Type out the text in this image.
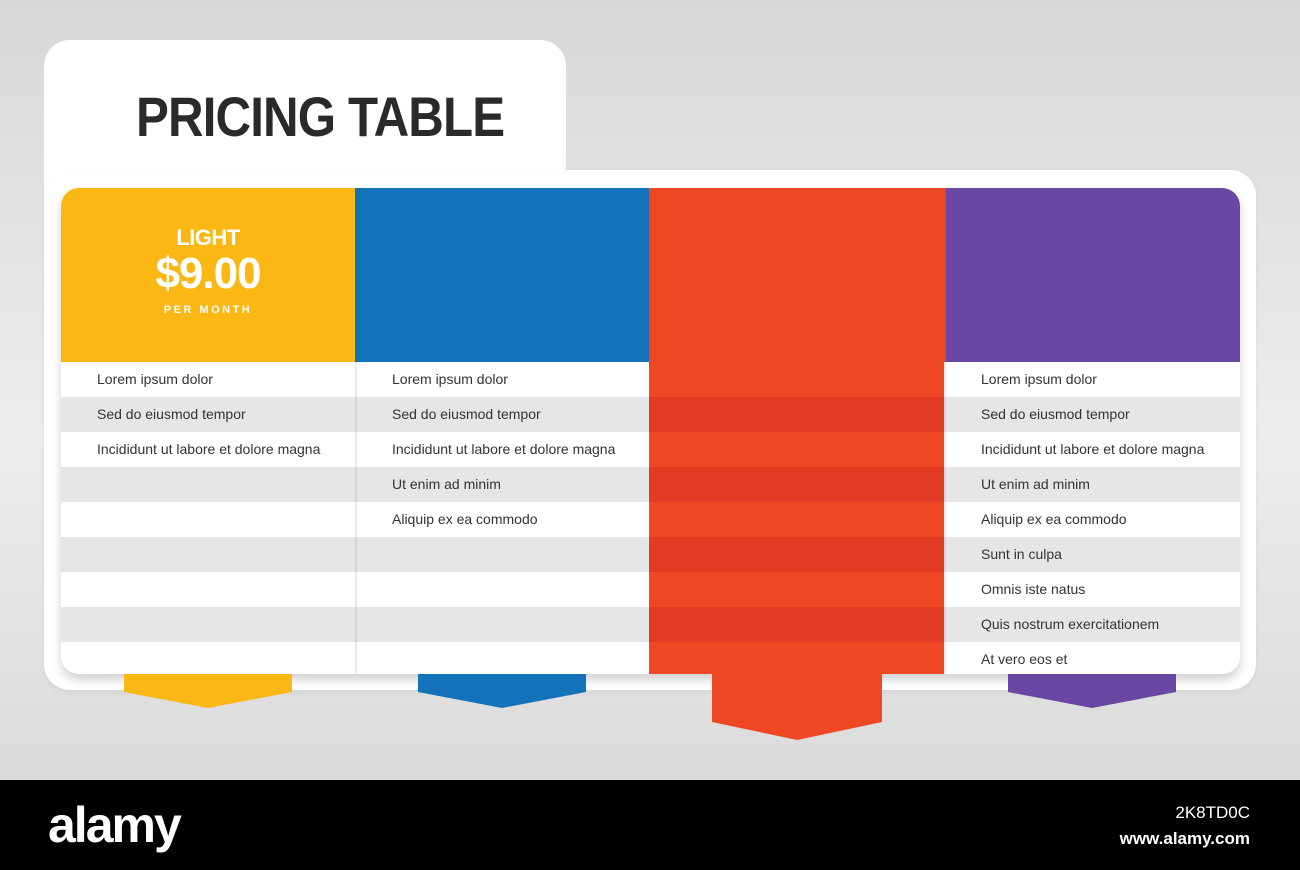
PRICING TABLE
LIGHT
$9.00
PER MONTH
Lorem ipsum dolor
Sed do eiusmod tempor
Incididunt ut labore et dolore magna
Lorem ipsum dolor
Sed do eiusmod tempor
Incididunt ut labore et dolore magna
Ut enim ad minim
Aliquip ex ea commodo
Lorem ipsum dolor
Sed do eiusmod tempor
Incididunt ut labore et dolore magna
Ut enim ad minim
Aliquip ex ea commodo
Sunt in culpa
Omnis iste natus
Quis nostrum exercitationem
At vero eos et
alamy	2K8TD0C
www.alamy.com
